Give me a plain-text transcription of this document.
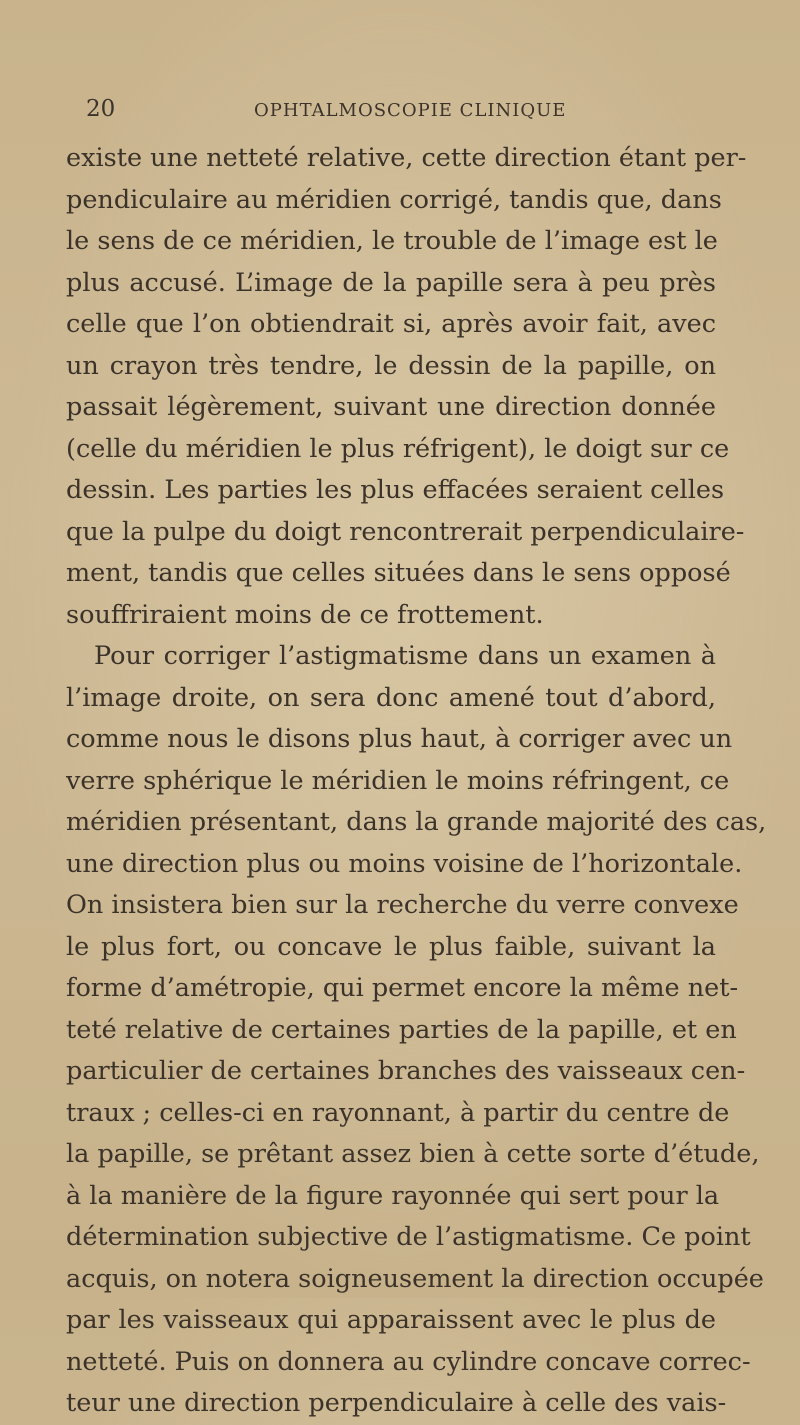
20	OPHTALMOSCOPIE CLINIQUE
existe une netteté relative, cette direction étant per-
pendiculaire au méridien corrigé, tandis que, dans
le sens de ce méridien, le trouble de l’image est le
plus accusé. L’image de la papille sera à peu près
celle que l’on obtiendrait si, après avoir fait, avec
un crayon très tendre, le dessin de la papille, on
passait légèrement, suivant une direction donnée
(celle du méridien le plus réfrigent), le doigt sur ce
dessin. Les parties les plus effacées seraient celles
que la pulpe du doigt rencontrerait perpendiculaire-
ment, tandis que celles situées dans le sens opposé
souffriraient moins de ce frottement.
Pour corriger l’astigmatisme dans un examen à
l’image droite, on sera donc amené tout d’abord,
comme nous le disons plus haut, à corriger avec un
verre sphérique le méridien le moins réfringent, ce
méridien présentant, dans la grande majorité des cas,
une direction plus ou moins voisine de l’horizontale.
On insistera bien sur la recherche du verre convexe
le plus fort, ou concave le plus faible, suivant la
forme d’amétropie, qui permet encore la même net-
teté relative de certaines parties de la papille, et en
particulier de certaines branches des vaisseaux cen-
traux ; celles-ci en rayonnant, à partir du centre de
la papille, se prêtant assez bien à cette sorte d’étude,
à la manière de la figure rayonnée qui sert pour la
détermination subjective de l’astigmatisme. Ce point
acquis, on notera soigneusement la direction occupée
par les vaisseaux qui apparaissent avec le plus de
netteté. Puis on donnera au cylindre concave correc-
teur une direction perpendiculaire à celle des vais-
